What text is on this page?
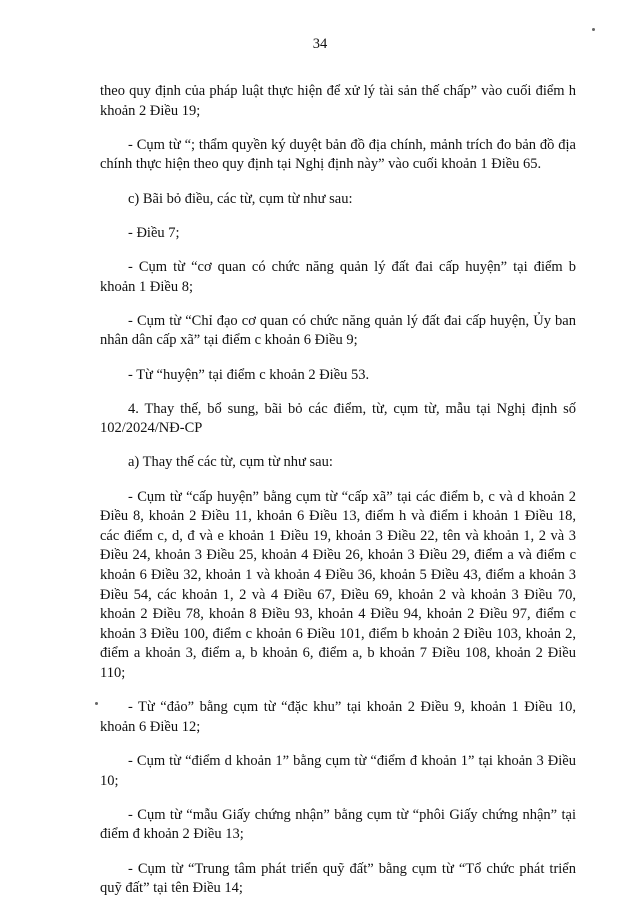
34

theo quy định của pháp luật thực hiện để xử lý tài sản thế chấp” vào cuối điểm h khoản 2 Điều 19;

- Cụm từ “; thẩm quyền ký duyệt bản đồ địa chính, mảnh trích đo bản đồ địa chính thực hiện theo quy định tại Nghị định này” vào cuối khoản 1 Điều 65.

c) Bãi bỏ điều, các từ, cụm từ như sau:

- Điều 7;

- Cụm từ “cơ quan có chức năng quản lý đất đai cấp huyện” tại điểm b khoản 1 Điều 8;

- Cụm từ “Chỉ đạo cơ quan có chức năng quản lý đất đai cấp huyện, Ủy ban nhân dân cấp xã” tại điểm c khoản 6 Điều 9;

- Từ “huyện” tại điểm c khoản 2 Điều 53.

4. Thay thế, bổ sung, bãi bỏ các điểm, từ, cụm từ, mẫu tại Nghị định số 102/2024/NĐ-CP

a) Thay thế các từ, cụm từ như sau:

- Cụm từ “cấp huyện” bằng cụm từ “cấp xã” tại các điểm b, c và d khoản 2 Điều 8, khoản 2 Điều 11, khoản 6 Điều 13, điểm h và điểm i khoản 1 Điều 18, các điểm c, d, đ và e khoản 1 Điều 19, khoản 3 Điều 22, tên và khoản 1, 2 và 3 Điều 24, khoản 3 Điều 25, khoản 4 Điều 26, khoản 3 Điều 29, điểm a và điểm c khoản 6 Điều 32, khoản 1 và khoản 4 Điều 36, khoản 5 Điều 43, điểm a khoản 3 Điều 54, các khoản 1, 2 và 4 Điều 67, Điều 69, khoản 2 và khoản 3 Điều 70, khoản 2 Điều 78, khoản 8 Điều 93, khoản 4 Điều 94, khoản 2 Điều 97, điểm c khoản 3 Điều 100, điểm c khoản 6 Điều 101, điểm b khoản 2 Điều 103, khoản 2, điểm a khoản 3, điểm a, b khoản 6, điểm a, b khoản 7 Điều 108, khoản 2 Điều 110;

- Từ “đảo” bằng cụm từ “đặc khu” tại khoản 2 Điều 9, khoản 1 Điều 10, khoản 6 Điều 12;

- Cụm từ “điểm d khoản 1” bằng cụm từ “điểm đ khoản 1” tại khoản 3 Điều 10;

- Cụm từ “mẫu Giấy chứng nhận” bằng cụm từ “phôi Giấy chứng nhận” tại điểm đ khoản 2 Điều 13;

- Cụm từ “Trung tâm phát triển quỹ đất” bằng cụm từ “Tổ chức phát triển quỹ đất” tại tên Điều 14;
